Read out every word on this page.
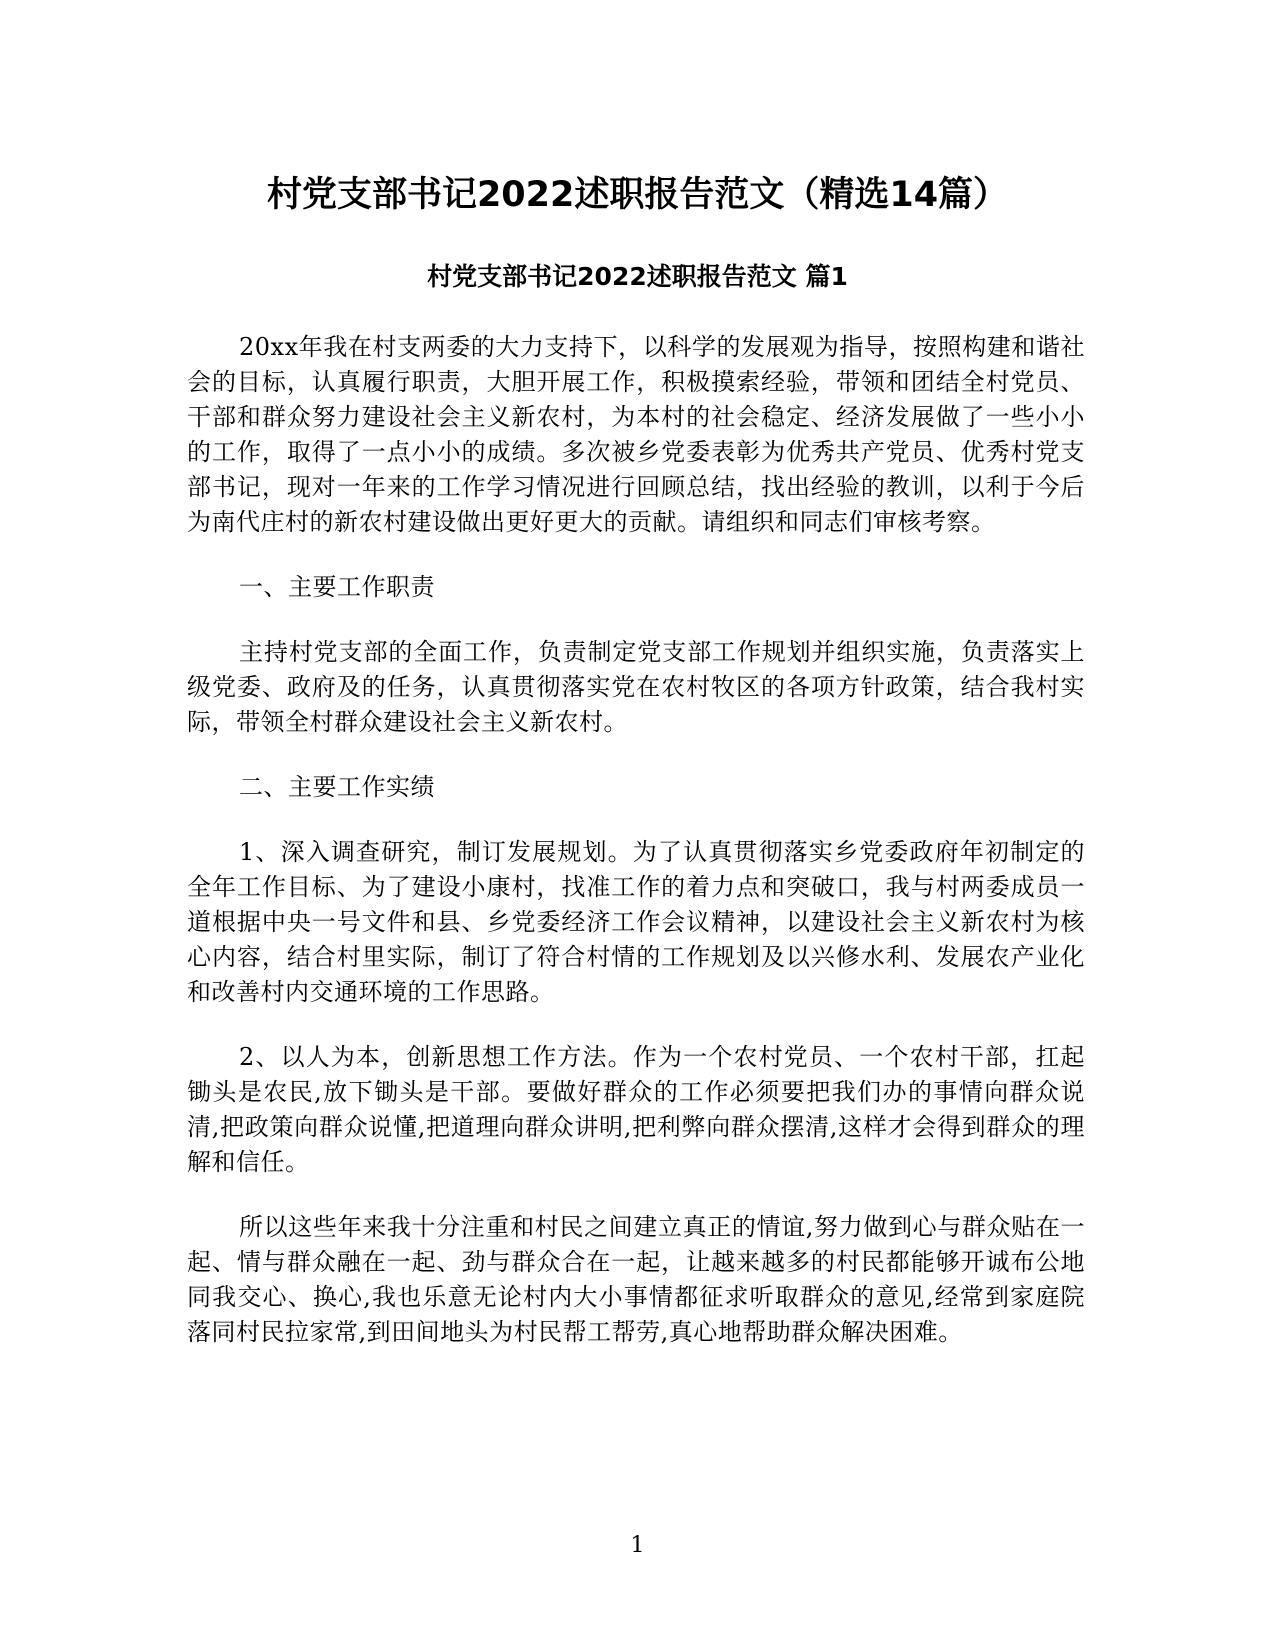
村党支部书记2022述职报告范文（精选14篇）
村党支部书记2022述职报告范文 篇1

20xx年我在村支两委的大力支持下，以科学的发展观为指导，按照构建和谐社会的目标，认真履行职责，大胆开展工作，积极摸索经验，带领和团结全村党员、干部和群众努力建设社会主义新农村，为本村的社会稳定、经济发展做了一些小小的工作，取得了一点小小的成绩。多次被乡党委表彰为优秀共产党员、优秀村党支部书记，现对一年来的工作学习情况进行回顾总结，找出经验的教训，以利于今后为南代庄村的新农村建设做出更好更大的贡献。请组织和同志们审核考察。

一、主要工作职责

主持村党支部的全面工作，负责制定党支部工作规划并组织实施，负责落实上级党委、政府及的任务，认真贯彻落实党在农村牧区的各项方针政策，结合我村实际，带领全村群众建设社会主义新农村。

二、主要工作实绩

1、深入调查研究，制订发展规划。为了认真贯彻落实乡党委政府年初制定的全年工作目标、为了建设小康村，找准工作的着力点和突破口，我与村两委成员一道根据中央一号文件和县、乡党委经济工作会议精神，以建设社会主义新农村为核心内容，结合村里实际，制订了符合村情的工作规划及以兴修水利、发展农产业化和改善村内交通环境的工作思路。

2、以人为本，创新思想工作方法。作为一个农村党员、一个农村干部，扛起锄头是农民,放下锄头是干部。要做好群众的工作必须要把我们办的事情向群众说清,把政策向群众说懂,把道理向群众讲明,把利弊向群众摆清,这样才会得到群众的理解和信任。

所以这些年来我十分注重和村民之间建立真正的情谊,努力做到心与群众贴在一起、情与群众融在一起、劲与群众合在一起，让越来越多的村民都能够开诚布公地同我交心、换心,我也乐意无论村内大小事情都征求听取群众的意见,经常到家庭院落同村民拉家常,到田间地头为村民帮工帮劳,真心地帮助群众解决困难。

1
